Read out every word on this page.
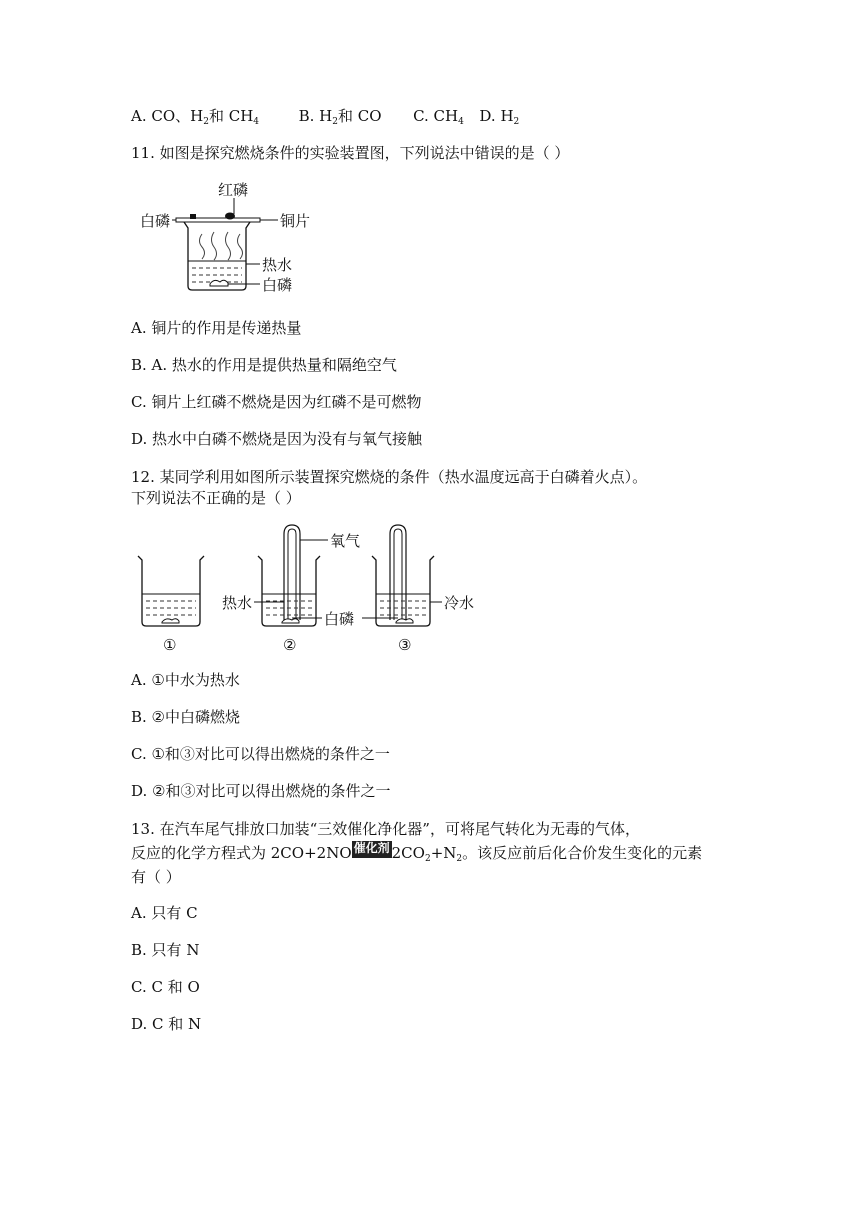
A. CO、$H_2$和 $CH_4$	B. $H_2$和 CO C. $CH_4$ D. $H_2$
11. 如图是探究燃烧条件的实验装置图，下列说法中错误的是（ ）
红磷
白磷	铜片
热水
白磷
A. 铜片的作用是传递热量
B. A. 热水的作用是提供热量和隔绝空气
C. 铜片上红磷不燃烧是因为红磷不是可燃物
D. 热水中白磷不燃烧是因为没有与氧气接触
12. 某同学利用如图所示装置探究燃烧的条件（热水温度远高于白磷着火点）。
下列说法不正确的是（ ）
①
热水
②	③
冷水
氧气
白磷
A. ①中水为热水
B. ②中白磷燃烧
C. ①和③对比可以得出燃烧的条件之一
D. ②和③对比可以得出燃烧的条件之一
13. 在汽车尾气排放口加装“三效催化净化器”，可将尾气转化为无毒的气体，
反应的化学方程式为 2CO+2NO 催化剂 $2CO_2+N_2$。该反应前后化合价发生变化的元素
有（ ）
A. 只有 C
B. 只有 N
C. C 和 O
D. C 和 N
